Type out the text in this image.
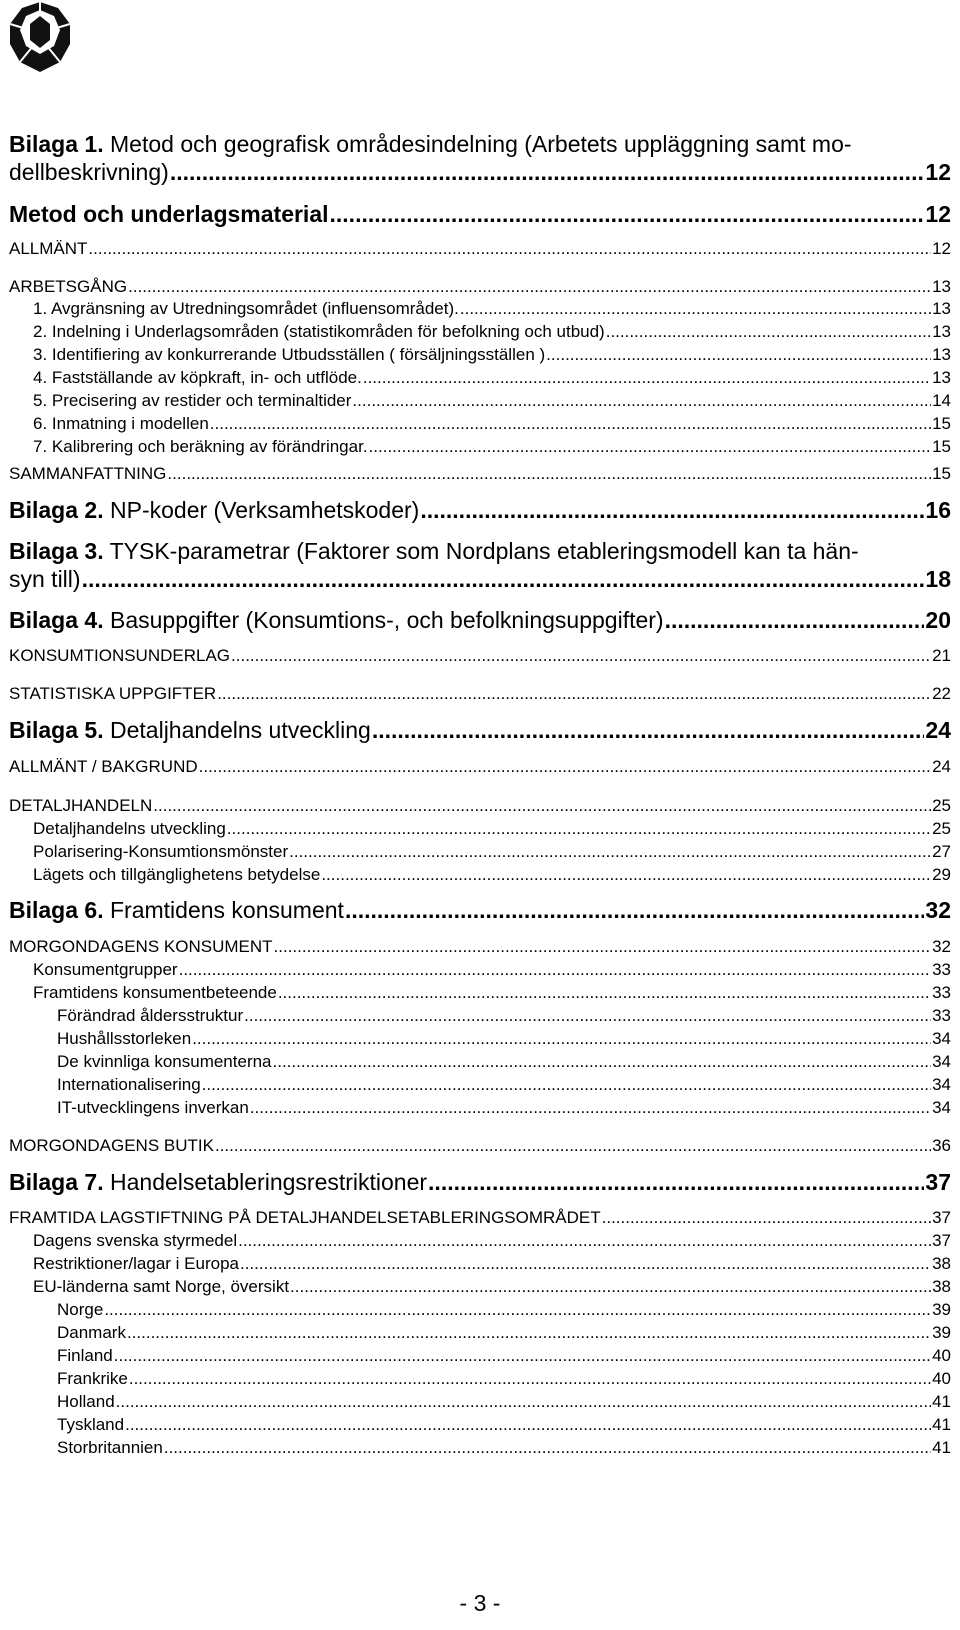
Bilaga 1. Metod och geografisk områdesindelning (Arbetets uppläggning samt mo-
dellbeskrivning) .....	12
Metod och underlagsmaterial .....	12
ALLMÄNT .....	12
ARBETSGÅNG .....	13
1. Avgränsning av Utredningsområdet (influensområdet). .....	13
2. Indelning i Underlagsområden (statistikområden för befolkning och utbud) .....	13
3. Identifiering av konkurrerande Utbudsställen ( försäljningsställen ) .....	13
4. Fastställande av köpkraft, in- och utflöde. .....	13
5. Precisering av restider och terminaltider .....	14
6. Inmatning i modellen .....	15
7. Kalibrering och beräkning av förändringar. .....	15
SAMMANFATTNING .....	15
Bilaga 2. NP-koder (Verksamhetskoder) .....	16
Bilaga 3. TYSK-parametrar (Faktorer som Nordplans etableringsmodell kan ta hän-
syn till) .....	18
Bilaga 4. Basuppgifter (Konsumtions-, och befolkningsuppgifter) .....	20
KONSUMTIONSUNDERLAG .....	21
STATISTISKA UPPGIFTER .....	22
Bilaga 5. Detaljhandelns utveckling .....	24
ALLMÄNT / BAKGRUND .....	24
DETALJHANDELN .....	25
Detaljhandelns utveckling .....	25
Polarisering-Konsumtionsmönster .....	27
Lägets och tillgänglighetens betydelse .....	29
Bilaga 6. Framtidens konsument .....	32
MORGONDAGENS KONSUMENT .....	32
Konsumentgrupper .....	33
Framtidens konsumentbeteende .....	33
Förändrad åldersstruktur .....	33
Hushållsstorleken .....	34
De kvinnliga konsumenterna .....	34
Internationalisering .....	34
IT-utvecklingens inverkan .....	34
MORGONDAGENS BUTIK .....	36
Bilaga 7. Handelsetableringsrestriktioner .....	37
FRAMTIDA LAGSTIFTNING PÅ DETALJHANDELSETABLERINGSOMRÅDET .....	37
Dagens svenska styrmedel .....	37
Restriktioner/lagar i Europa .....	38
EU-länderna samt Norge, översikt .....	38
Norge .....	39
Danmark .....	39
Finland .....	40
Frankrike .....	40
Holland .....	41
Tyskland .....	41
Storbritannien .....	41
- 3 -
